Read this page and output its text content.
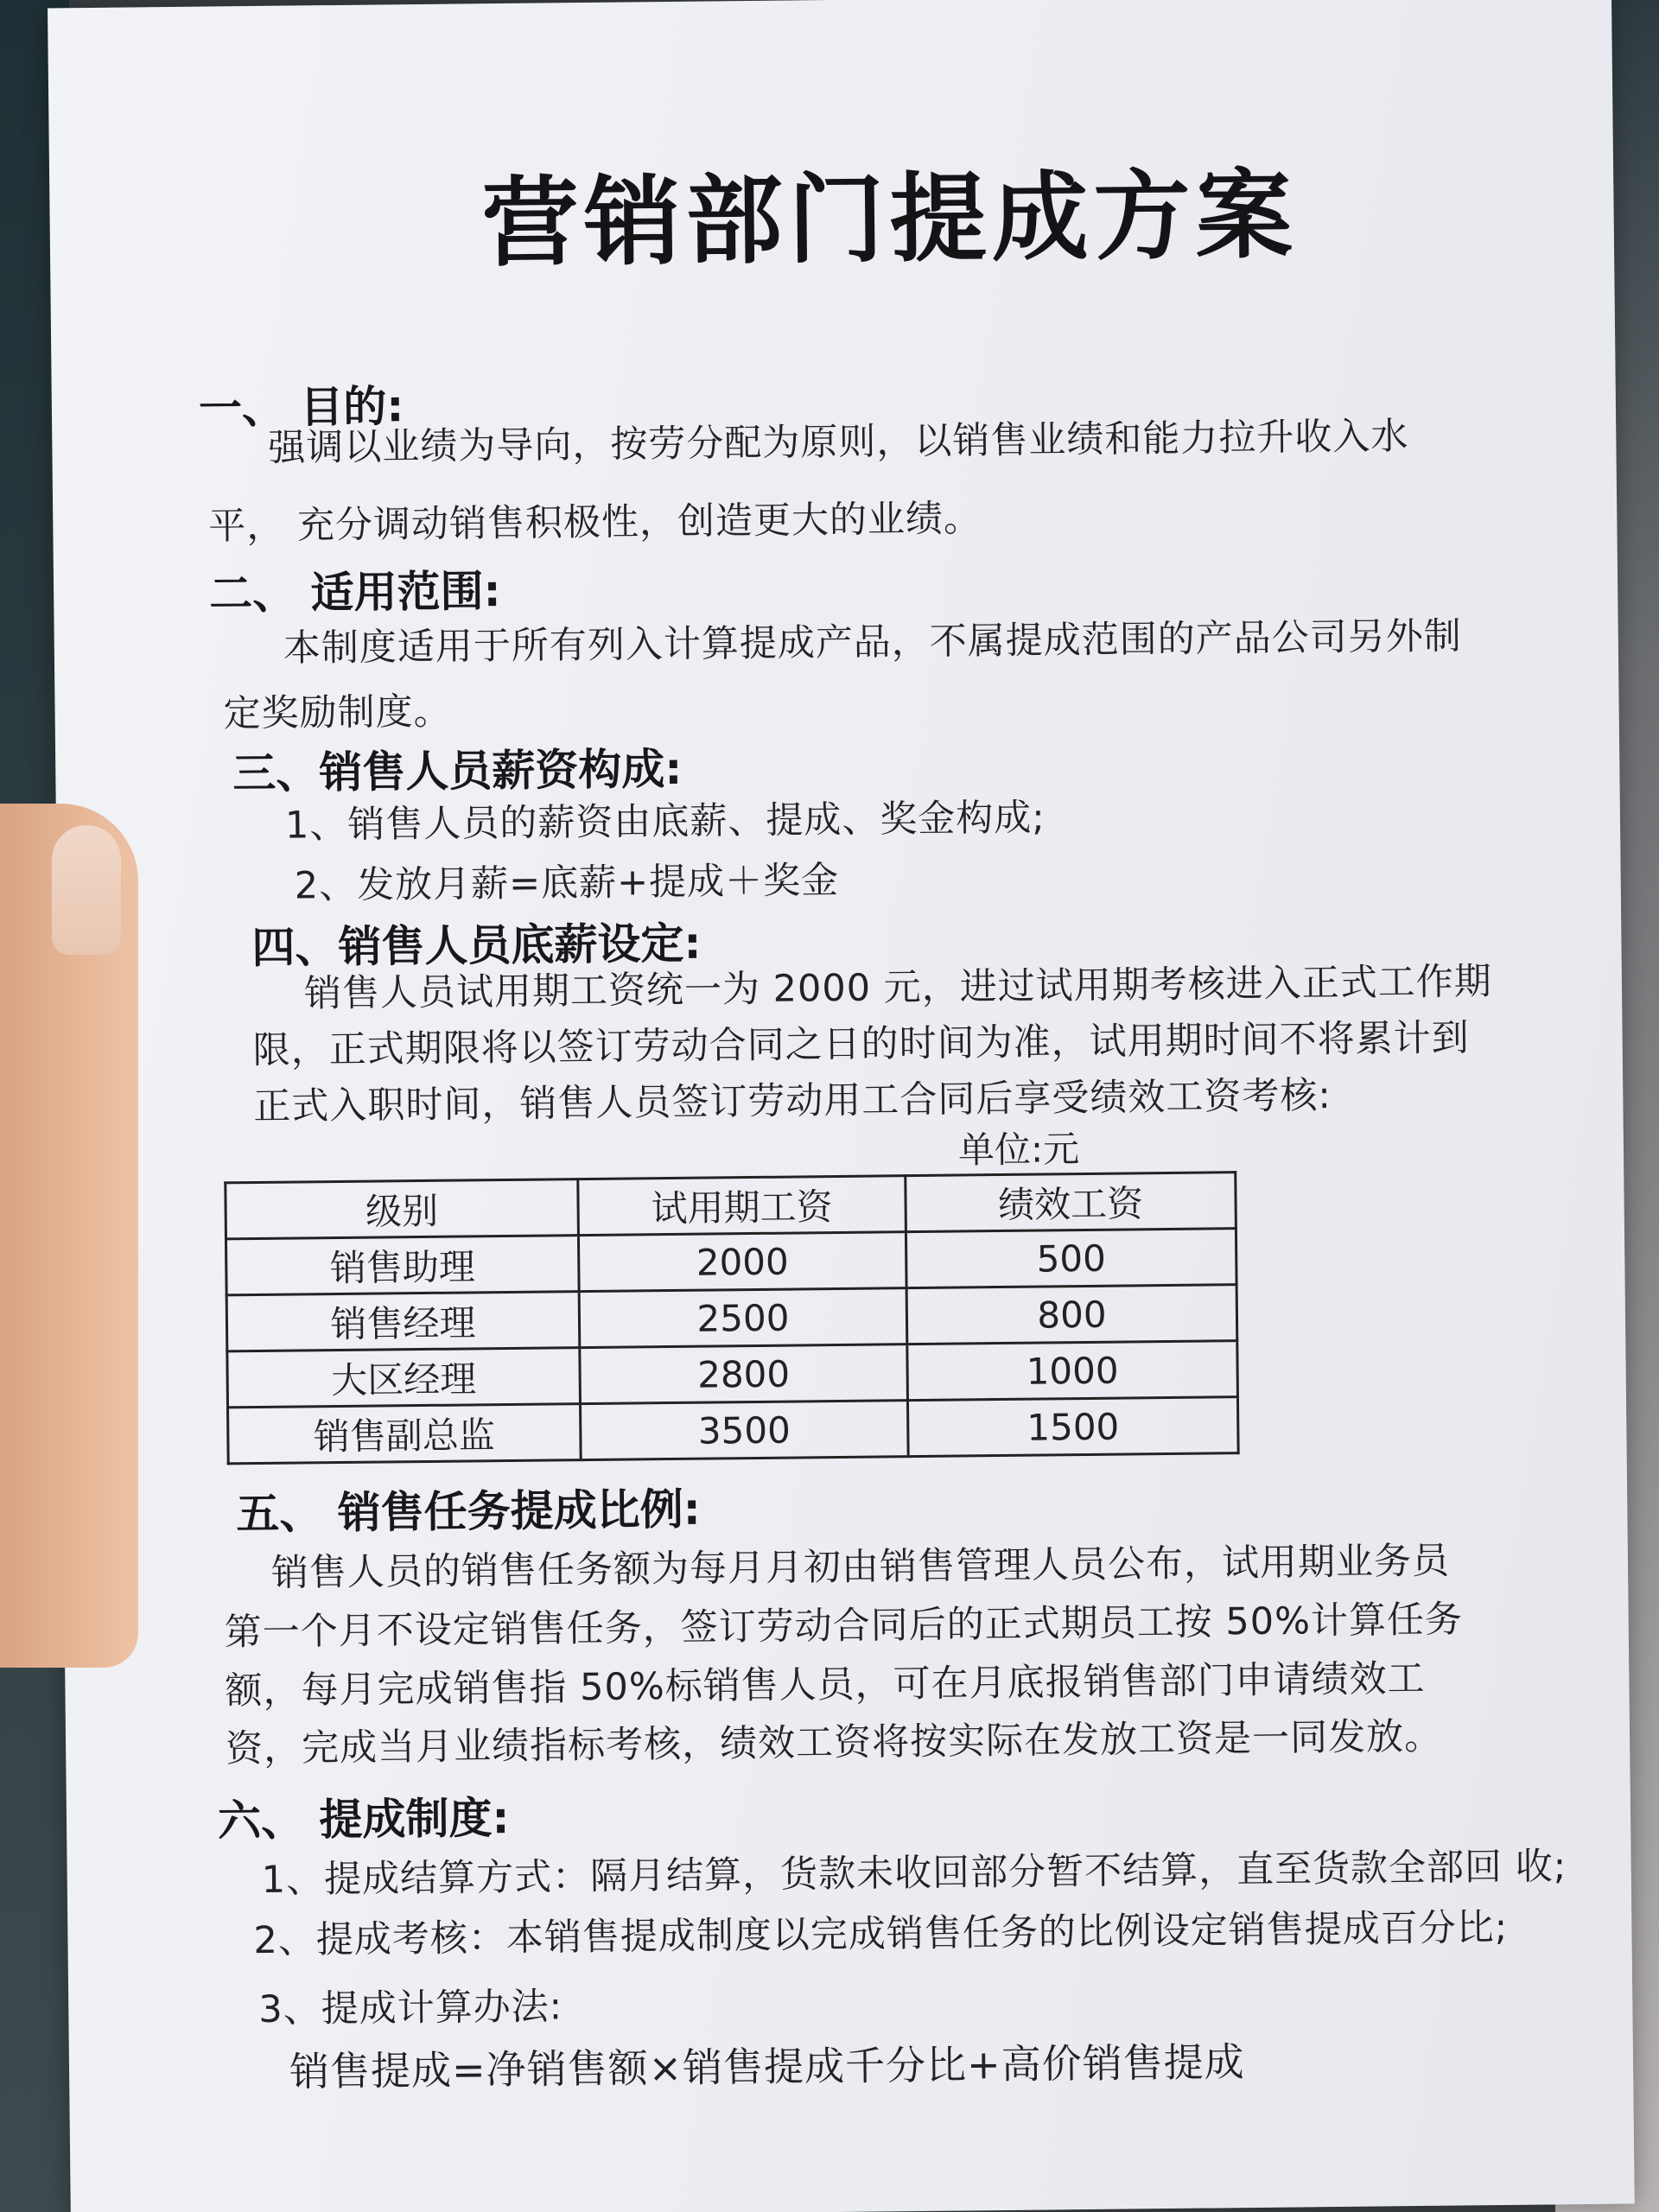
营销部门提成方案
一、 目的:
强调以业绩为导向，按劳分配为原则，以销售业绩和能力拉升收入水
平， 充分调动销售积极性，创造更大的业绩。
二、 适用范围:
本制度适用于所有列入计算提成产品，不属提成范围的产品公司另外制
定奖励制度。
三、销售人员薪资构成:
1、销售人员的薪资由底薪、提成、奖金构成;
2、发放月薪=底薪+提成＋奖金
四、销售人员底薪设定:
销售人员试用期工资统一为 2000 元，进过试用期考核进入正式工作期
限，正式期限将以签订劳动合同之日的时间为准，试用期时间不将累计到
正式入职时间，销售人员签订劳动用工合同后享受绩效工资考核:
单位:元
级别	试用期工资	绩效工资
销售助理	2000	500
销售经理	2500	800
大区经理	2800	1000
销售副总监	3500	1500
五、 销售任务提成比例:
销售人员的销售任务额为每月月初由销售管理人员公布，试用期业务员
第一个月不设定销售任务，签订劳动合同后的正式期员工按 50%计算任务
额，每月完成销售指 50%标销售人员，可在月底报销售部门申请绩效工
资，完成当月业绩指标考核，绩效工资将按实际在发放工资是一同发放。
六、 提成制度:
1、提成结算方式：隔月结算，货款未收回部分暂不结算，直至货款全部回 收;
2、提成考核：本销售提成制度以完成销售任务的比例设定销售提成百分比;
3、提成计算办法:
销售提成=净销售额×销售提成千分比+高价销售提成
